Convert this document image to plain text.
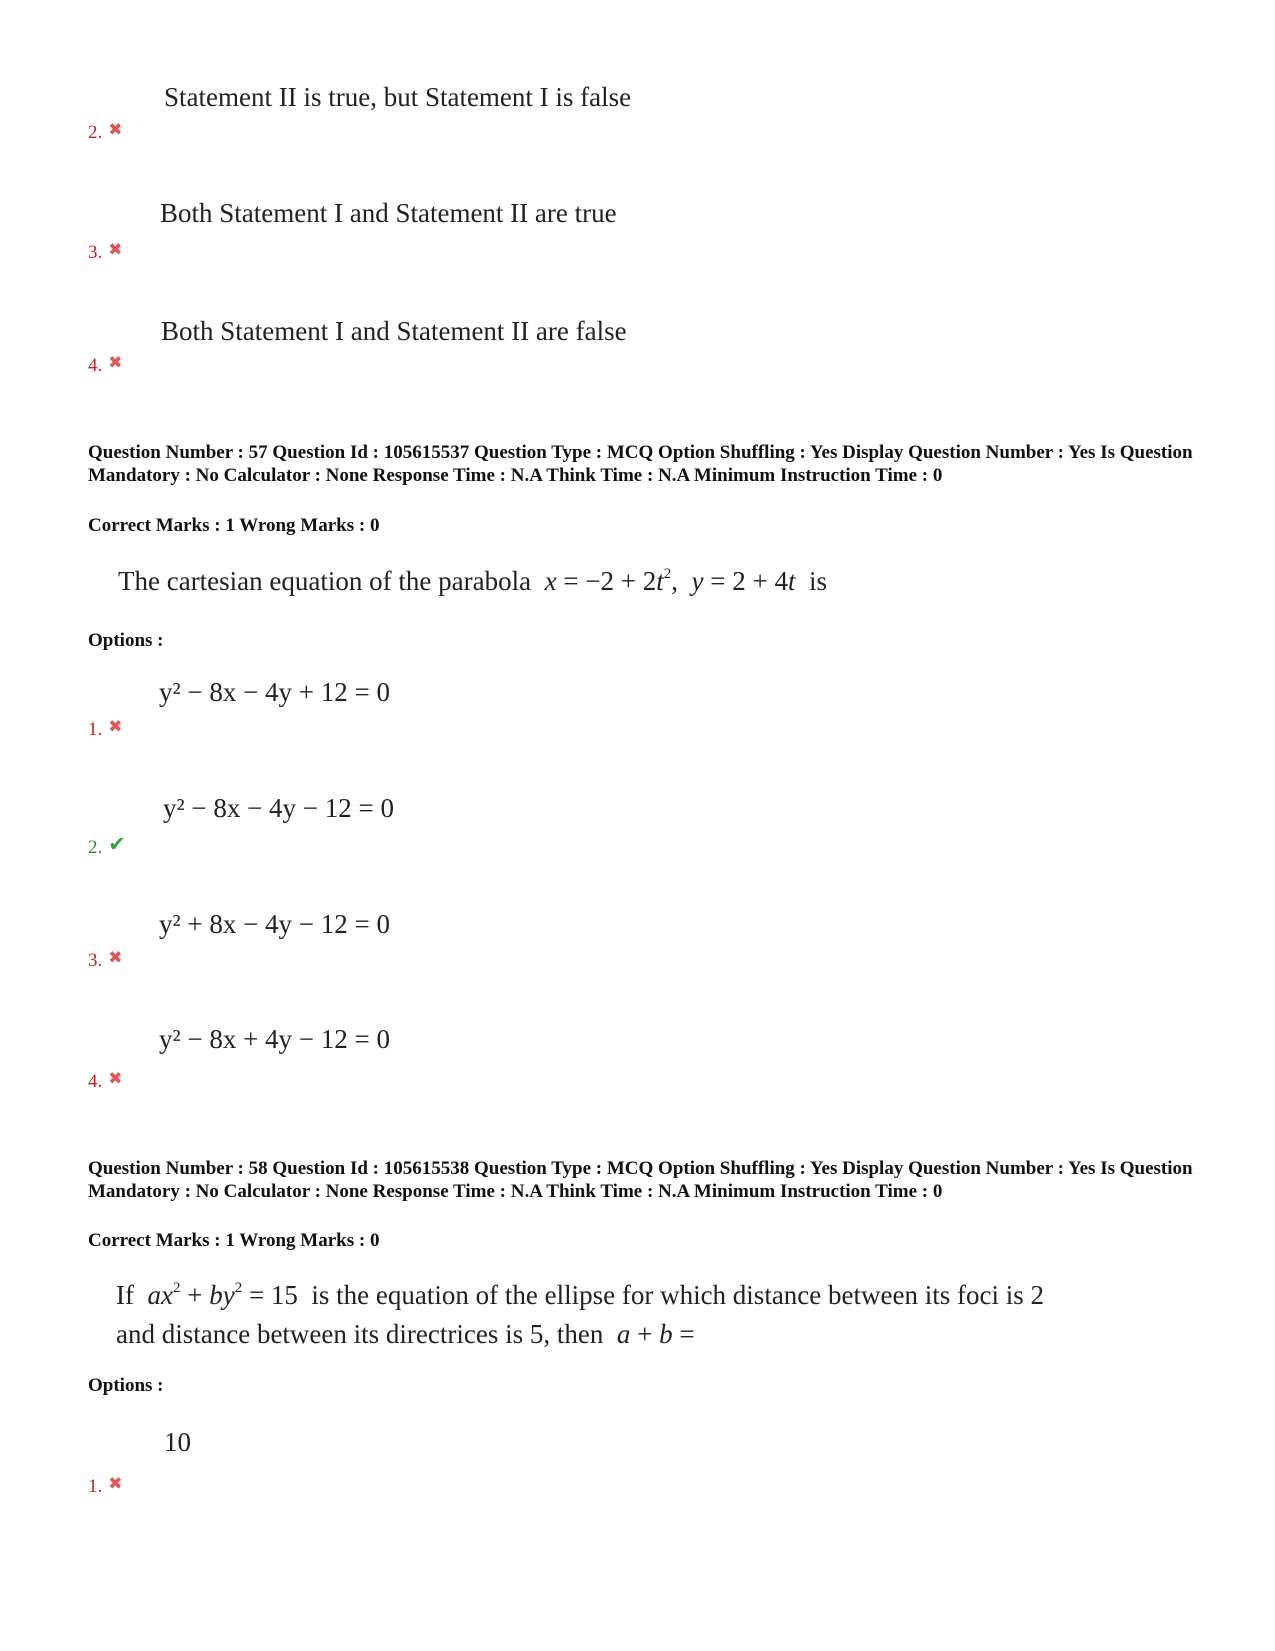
Statement II is true, but Statement I is false
2. ✖
Both Statement I and Statement II are true
3. ✖
Both Statement I and Statement II are false
4. ✖
Question Number : 57 Question Id : 105615537 Question Type : MCQ Option Shuffling : Yes Display Question Number : Yes Is Question Mandatory : No Calculator : None Response Time : N.A Think Time : N.A Minimum Instruction Time : 0
Correct Marks : 1 Wrong Marks : 0
The cartesian equation of the parabola $x = -2 + 2t^2$,  y = 2 + 4t is
Options :
y² − 8x − 4y + 12 = 0
1. ✖
y² − 8x − 4y − 12 = 0
2. ✔
y² + 8x − 4y − 12 = 0
3. ✖
y² − 8x + 4y − 12 = 0
4. ✖
Question Number : 58 Question Id : 105615538 Question Type : MCQ Option Shuffling : Yes Display Question Number : Yes Is Question Mandatory : No Calculator : None Response Time : N.A Think Time : N.A Minimum Instruction Time : 0
Correct Marks : 1 Wrong Marks : 0
If $ax^2 + by^2 = 15$  is the equation of the ellipse for which distance between its foci is 2
and distance between its directrices is 5, then a + b =
Options :
10
1. ✖
